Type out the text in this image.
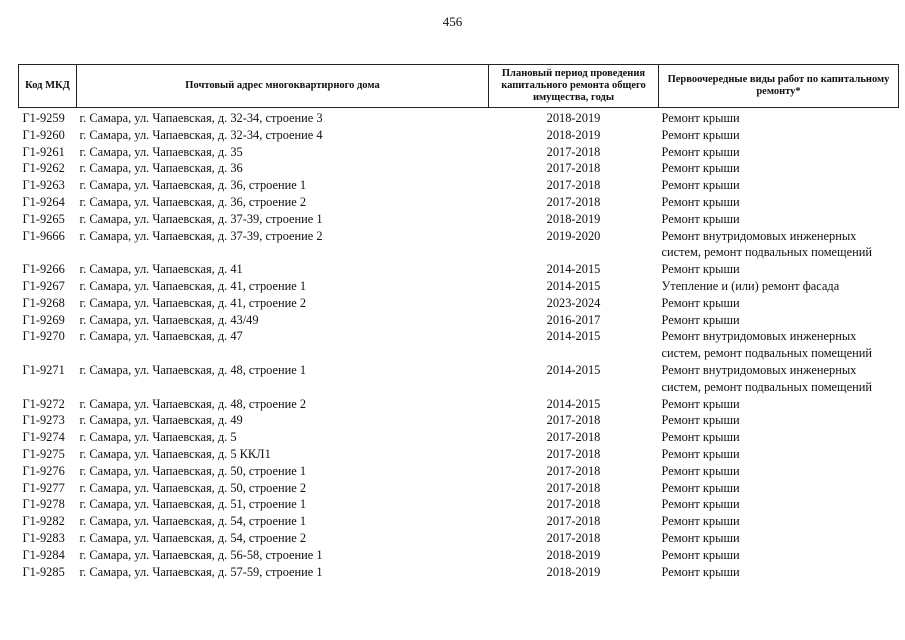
456
Код МКД	Почтовый адрес многоквартирного дома	Плановый период проведения капитального ремонта общего имущества, годы	Первоочередные виды работ по капитальному ремонту*
Г1-9259	г. Самара, ул. Чапаевская, д. 32-34, строение 3	2018-2019	Ремонт крыши
Г1-9260	г. Самара, ул. Чапаевская, д. 32-34, строение 4	2018-2019	Ремонт крыши
Г1-9261	г. Самара, ул. Чапаевская, д. 35	2017-2018	Ремонт крыши
Г1-9262	г. Самара, ул. Чапаевская, д. 36	2017-2018	Ремонт крыши
Г1-9263	г. Самара, ул. Чапаевская, д. 36, строение 1	2017-2018	Ремонт крыши
Г1-9264	г. Самара, ул. Чапаевская, д. 36, строение 2	2017-2018	Ремонт крыши
Г1-9265	г. Самара, ул. Чапаевская, д. 37-39, строение 1	2018-2019	Ремонт крыши
Г1-9666	г. Самара, ул. Чапаевская, д. 37-39, строение 2	2019-2020	Ремонт внутридомовых инженерных систем, ремонт подвальных помещений
Г1-9266	г. Самара, ул. Чапаевская, д. 41	2014-2015	Ремонт крыши
Г1-9267	г. Самара, ул. Чапаевская, д. 41, строение 1	2014-2015	Утепление и (или) ремонт фасада
Г1-9268	г. Самара, ул. Чапаевская, д. 41, строение 2	2023-2024	Ремонт крыши
Г1-9269	г. Самара, ул. Чапаевская, д. 43/49	2016-2017	Ремонт крыши
Г1-9270	г. Самара, ул. Чапаевская, д. 47	2014-2015	Ремонт внутридомовых инженерных систем, ремонт подвальных помещений
Г1-9271	г. Самара, ул. Чапаевская, д. 48, строение 1	2014-2015	Ремонт внутридомовых инженерных систем, ремонт подвальных помещений
Г1-9272	г. Самара, ул. Чапаевская, д. 48, строение 2	2014-2015	Ремонт крыши
Г1-9273	г. Самара, ул. Чапаевская, д. 49	2017-2018	Ремонт крыши
Г1-9274	г. Самара, ул. Чапаевская, д. 5	2017-2018	Ремонт крыши
Г1-9275	г. Самара, ул. Чапаевская, д. 5 ККЛ1	2017-2018	Ремонт крыши
Г1-9276	г. Самара, ул. Чапаевская, д. 50, строение 1	2017-2018	Ремонт крыши
Г1-9277	г. Самара, ул. Чапаевская, д. 50, строение 2	2017-2018	Ремонт крыши
Г1-9278	г. Самара, ул. Чапаевская, д. 51, строение 1	2017-2018	Ремонт крыши
Г1-9282	г. Самара, ул. Чапаевская, д. 54, строение 1	2017-2018	Ремонт крыши
Г1-9283	г. Самара, ул. Чапаевская, д. 54, строение 2	2017-2018	Ремонт крыши
Г1-9284	г. Самара, ул. Чапаевская, д. 56-58, строение 1	2018-2019	Ремонт крыши
Г1-9285	г. Самара, ул. Чапаевская, д. 57-59, строение 1	2018-2019	Ремонт крыши
